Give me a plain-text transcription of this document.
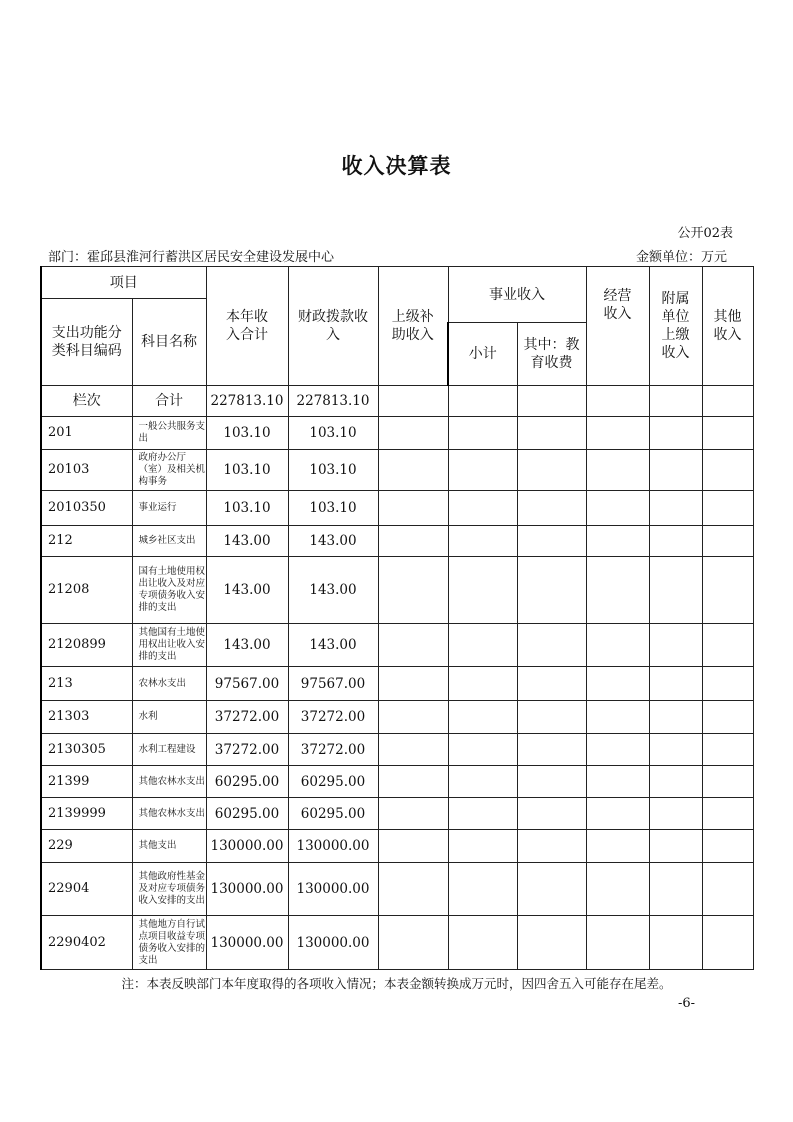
收入决算表
公开02表
部门：霍邱县淮河行蓄洪区居民安全建设发展中心	金额单位：万元
项目		本年收入合计	财政拨款收入	上级补助收入	事业收入		经营收入	附属单位上缴收入	其他收入
支出功能分类科目编码	科目名称								
					小计	其中：教育收费			
栏次	合计	227813.10	227813.10						
201	一般公共服务支出	103.10	103.10						
20103	政府办公厅（室）及相关机构事务	103.10	103.10						
2010350	事业运行	103.10	103.10						
212	城乡社区支出	143.00	143.00						
21208	国有土地使用权出让收入及对应专项债务收入安排的支出	143.00	143.00						
2120899	其他国有土地使用权出让收入安排的支出	143.00	143.00						
213	农林水支出	97567.00	97567.00						
21303	水利	37272.00	37272.00						
2130305	水利工程建设	37272.00	37272.00						
21399	其他农林水支出	60295.00	60295.00						
2139999	其他农林水支出	60295.00	60295.00						
229	其他支出	130000.00	130000.00						
22904	其他政府性基金及对应专项债务收入安排的支出	130000.00	130000.00						
2290402	其他地方自行试点项目收益专项债务收入安排的支出	130000.00	130000.00						
注：本表反映部门本年度取得的各项收入情况；本表金额转换成万元时，因四舍五入可能存在尾差。
-6-
